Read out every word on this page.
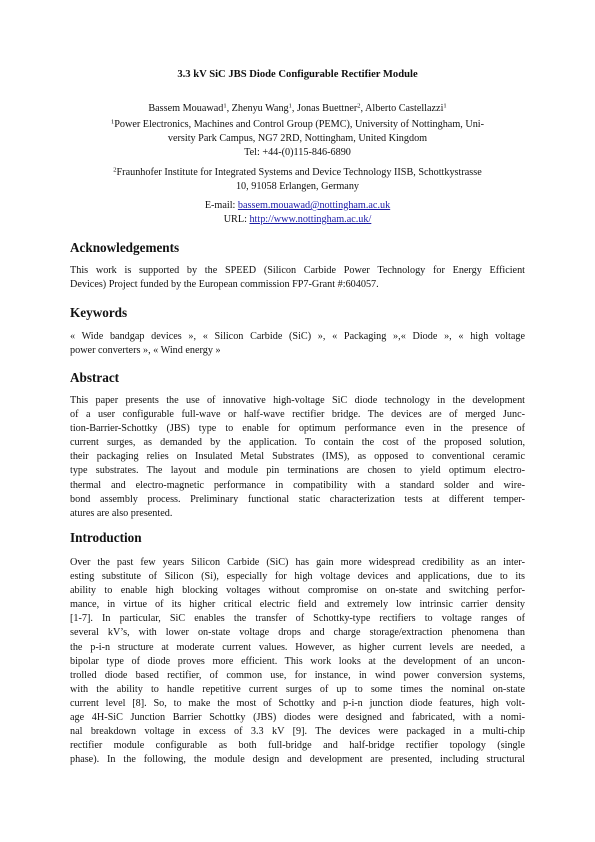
3.3 kV SiC JBS Diode Configurable Rectifier Module
Bassem Mouawad$^1$, Zhenyu Wang$^1$, Jonas Buettner$^2$, Alberto Castellazzi$^1$
$^1$Power Electronics, Machines and Control Group (PEMC), University of Nottingham, Uni-
versity Park Campus, NG7 2RD, Nottingham, United Kingdom
Tel: +44-(0)115-846-6890
$^2$Fraunhofer Institute for Integrated Systems and Device Technology IISB, Schottkystrasse
10, 91058 Erlangen, Germany
E-mail: bassem.mouawad@nottingham.ac.uk
URL: http://www.nottingham.ac.uk/
Acknowledgements
This work is supported by the SPEED (Silicon Carbide Power Technology for Energy Efficient
Devices) Project funded by the European commission FP7-Grant #:604057.
Keywords
« Wide bandgap devices », « Silicon Carbide (SiC) », « Packaging »,« Diode », « high voltage
power converters », « Wind energy »
Abstract
This paper presents the use of innovative high-voltage SiC diode technology in the development
of a user configurable full-wave or half-wave rectifier bridge. The devices are of merged Junc-
tion-Barrier-Schottky (JBS) type to enable for optimum performance even in the presence of
current surges, as demanded by the application. To contain the cost of the proposed solution,
their packaging relies on Insulated Metal Substrates (IMS), as opposed to conventional ceramic
type substrates. The layout and module pin terminations are chosen to yield optimum electro-
thermal and electro-magnetic performance in compatibility with a standard solder and wire-
bond assembly process. Preliminary functional static characterization tests at different temper-
atures are also presented.
Introduction
Over the past few years Silicon Carbide (SiC) has gain more widespread credibility as an inter-
esting substitute of Silicon (Si), especially for high voltage devices and applications, due to its
ability to enable high blocking voltages without compromise on on-state and switching perfor-
mance, in virtue of its higher critical electric field and extremely low intrinsic carrier density
[1-7]. In particular, SiC enables the transfer of Schottky-type rectifiers to voltage ranges of
several kV’s, with lower on-state voltage drops and charge storage/extraction phenomena than
the p-i-n structure at moderate current values. However, as higher current levels are needed, a
bipolar type of diode proves more efficient. This work looks at the development of an uncon-
trolled diode based rectifier, of common use, for instance, in wind power conversion systems,
with the ability to handle repetitive current surges of up to some times the nominal on-state
current level [8]. So, to make the most of Schottky and p-i-n junction diode features, high volt-
age 4H-SiC Junction Barrier Schottky (JBS) diodes were designed and fabricated, with a nomi-
nal breakdown voltage in excess of 3.3 kV [9]. The devices were packaged in a multi-chip
rectifier module configurable as both full-bridge and half-bridge rectifier topology (single
phase). In the following, the module design and development are presented, including structural
